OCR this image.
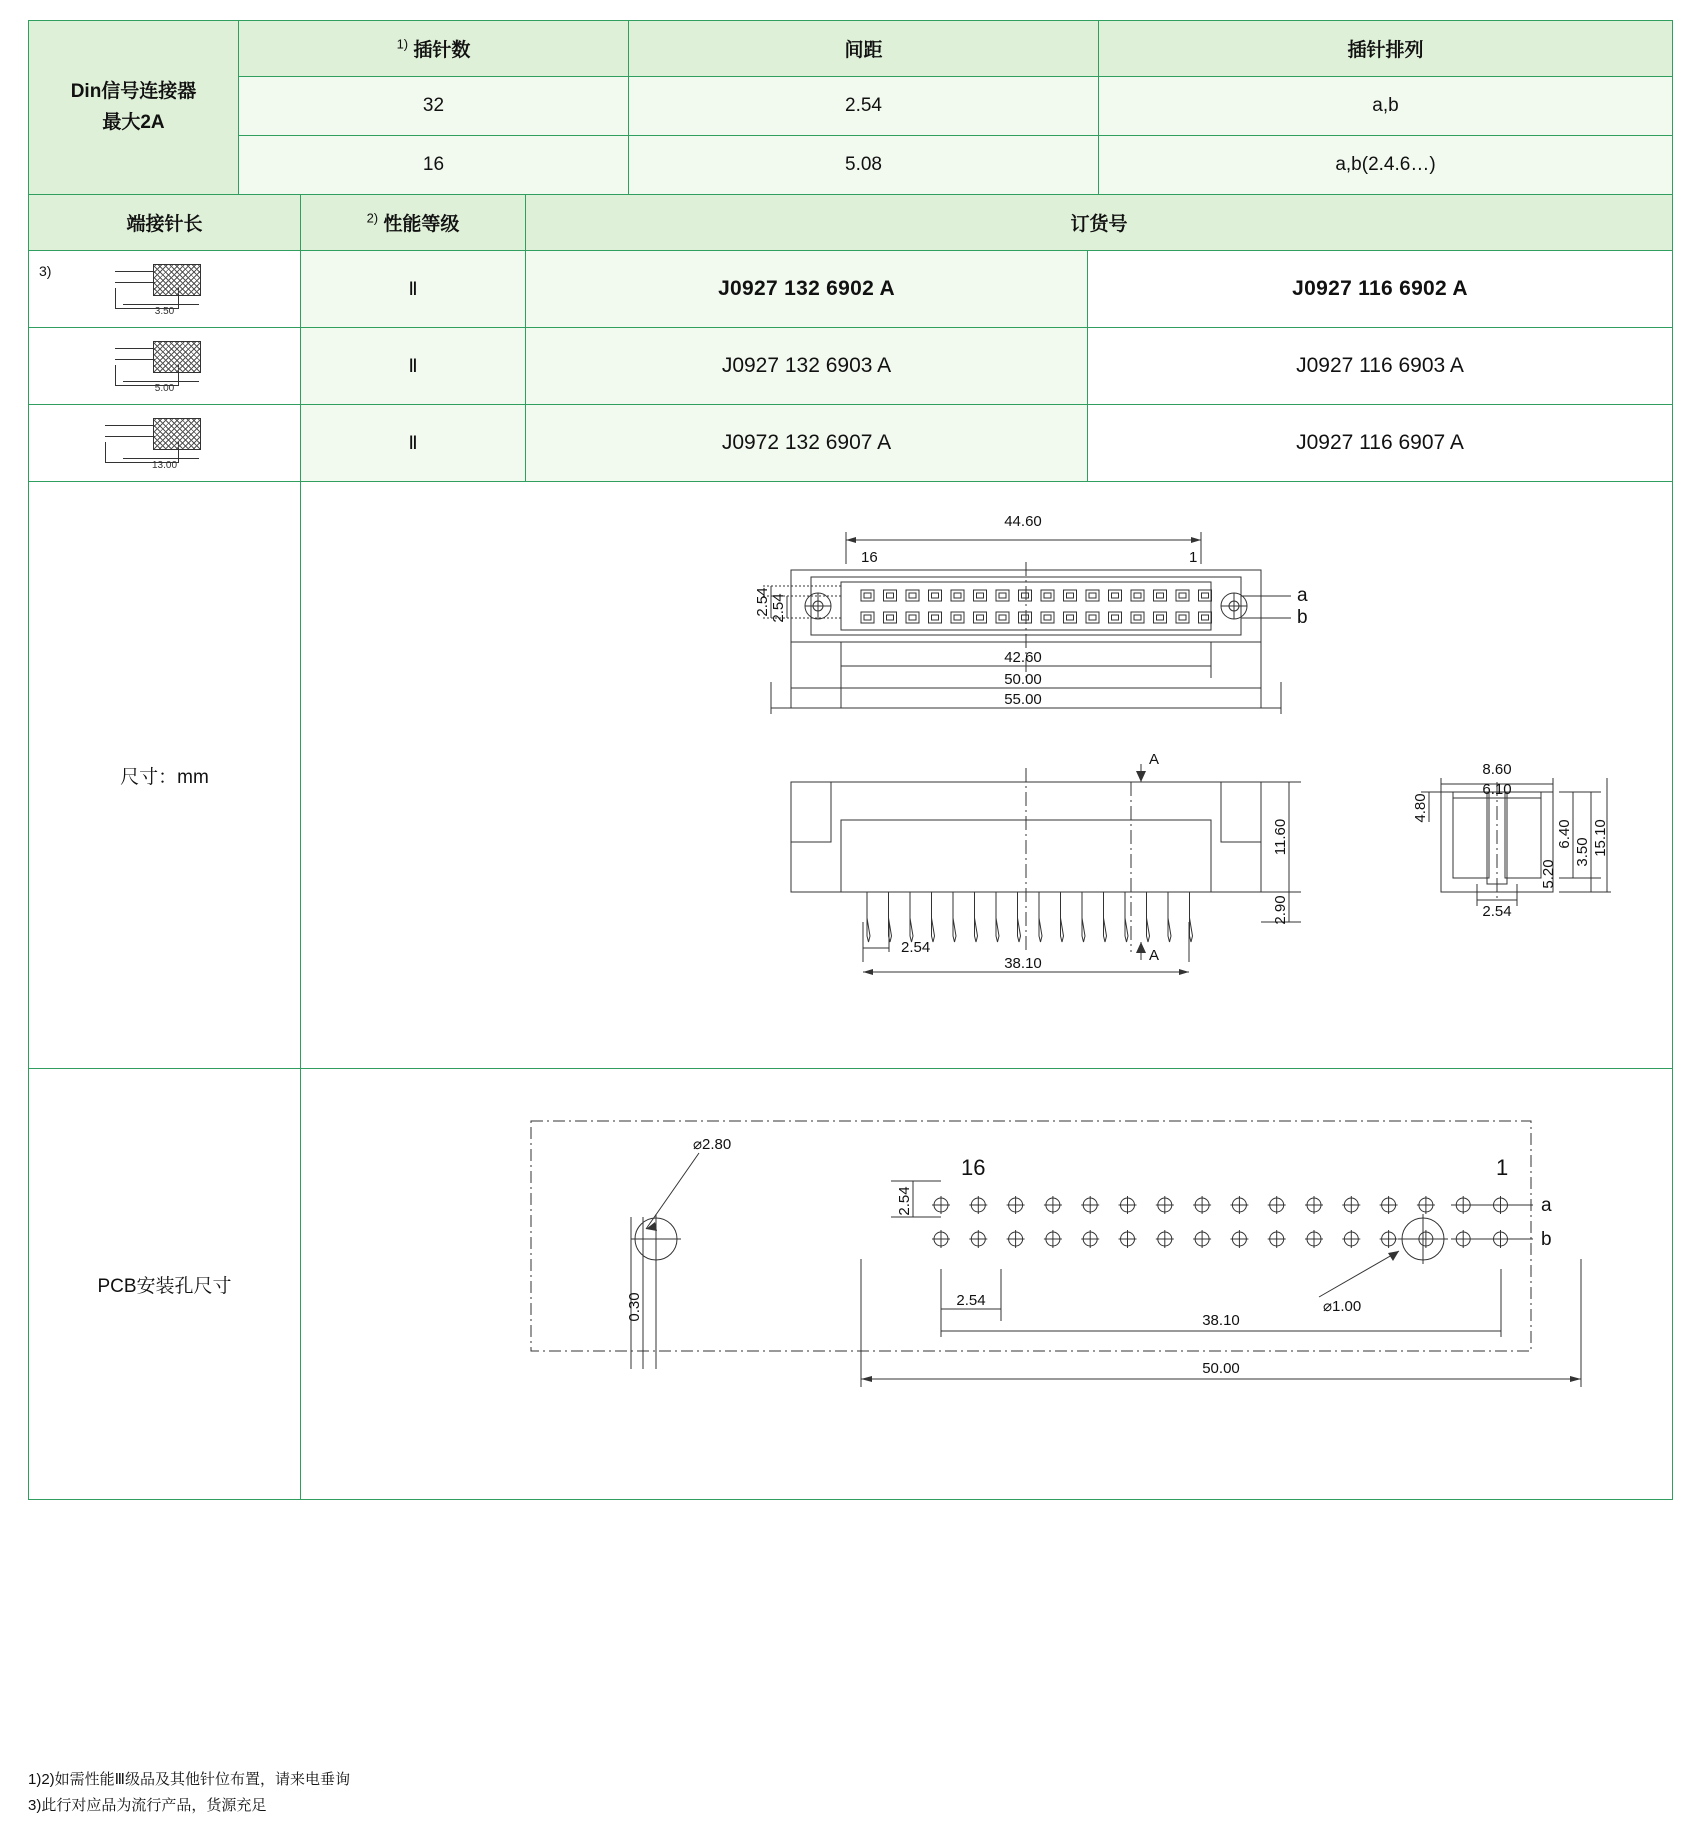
Din信号连接器
最大2A	$^{1)}$ 插针数	间距	插针排列
	32	2.54	a,b
	16	5.08	a,b(2.4.6…)
端接针长	$^{2)}$ 性能等级	订货号	

3)
3.50	Ⅱ	J0927 132 6902 A	J0927 116 6902 A

5.00	Ⅱ	J0927 132 6903 A	J0927 116 6903 A

13.00	Ⅱ	J0972 132 6907 A	J0927 116 6907 A
尺寸：mm	
44.60
16	1
a
b
2.54 2.54
42.60
50.00
55.00
A
A
11.60
2.90
2.54
38.10
8.60
6.10
4.80
6.40
3.50
5.20
15.10
2.54
PCB安装孔尺寸	
⌀2.80
⌀1.00
2.54
0.30	2.54
38.10
50.00
16	1
a
b
1)2)如需性能Ⅲ级品及其他针位布置，请来电垂询
3)此行对应品为流行产品，货源充足
